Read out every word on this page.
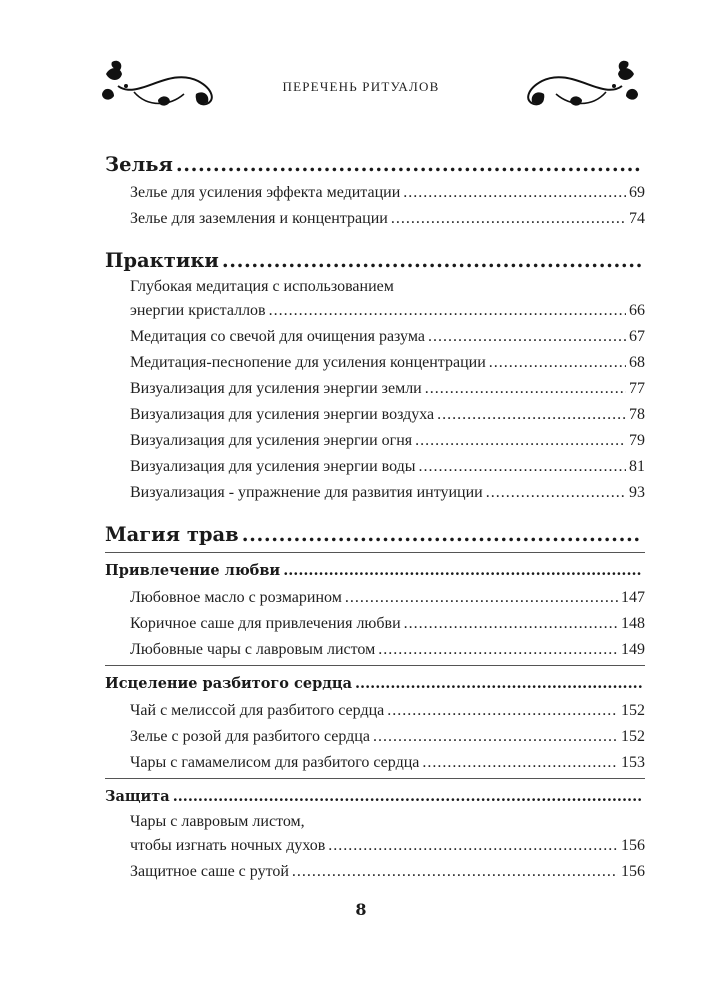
ПЕРЕЧЕНЬ РИТУАЛОВ
Зелья
.....
Зелье для усиления эффекта медитации .....	69
Зелье для заземления и концентрации .....	74
Практики
.....
Глубокая медитация с использованием
энергии кристаллов .....	66
Медитация со свечой для очищения разума .....	67
Медитация-песнопение для усиления концентрации .....	68
Визуализация для усиления энергии земли .....	77
Визуализация для усиления энергии воздуха .....	78
Визуализация для усиления энергии огня .....	79
Визуализация для усиления энергии воды .....	81
Визуализация - упражнение для развития интуиции .....	93
Магия трав
.....
Привлечение любви
.....
Любовное масло с розмарином .....	147
Коричное саше для привлечения любви .....	148
Любовные чары с лавровым листом .....	149
Исцеление разбитого сердца
.....
Чай с мелиссой для разбитого сердца .....	152
Зелье с розой для разбитого сердца .....	152
Чары с гамамелисом для разбитого сердца .....	153
Защита
.....
Чары с лавровым листом,
чтобы изгнать ночных духов .....	156
Защитное саше с рутой .....	156
8
